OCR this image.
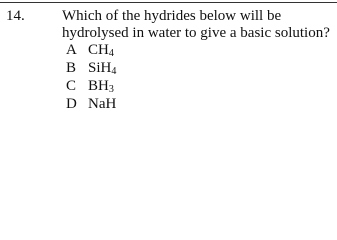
14. Which of the hydrides below will be
hydrolysed in water to give a basic solution?
A $CH_4$
B SiH$_4$
C $BH_3$
D NaH
